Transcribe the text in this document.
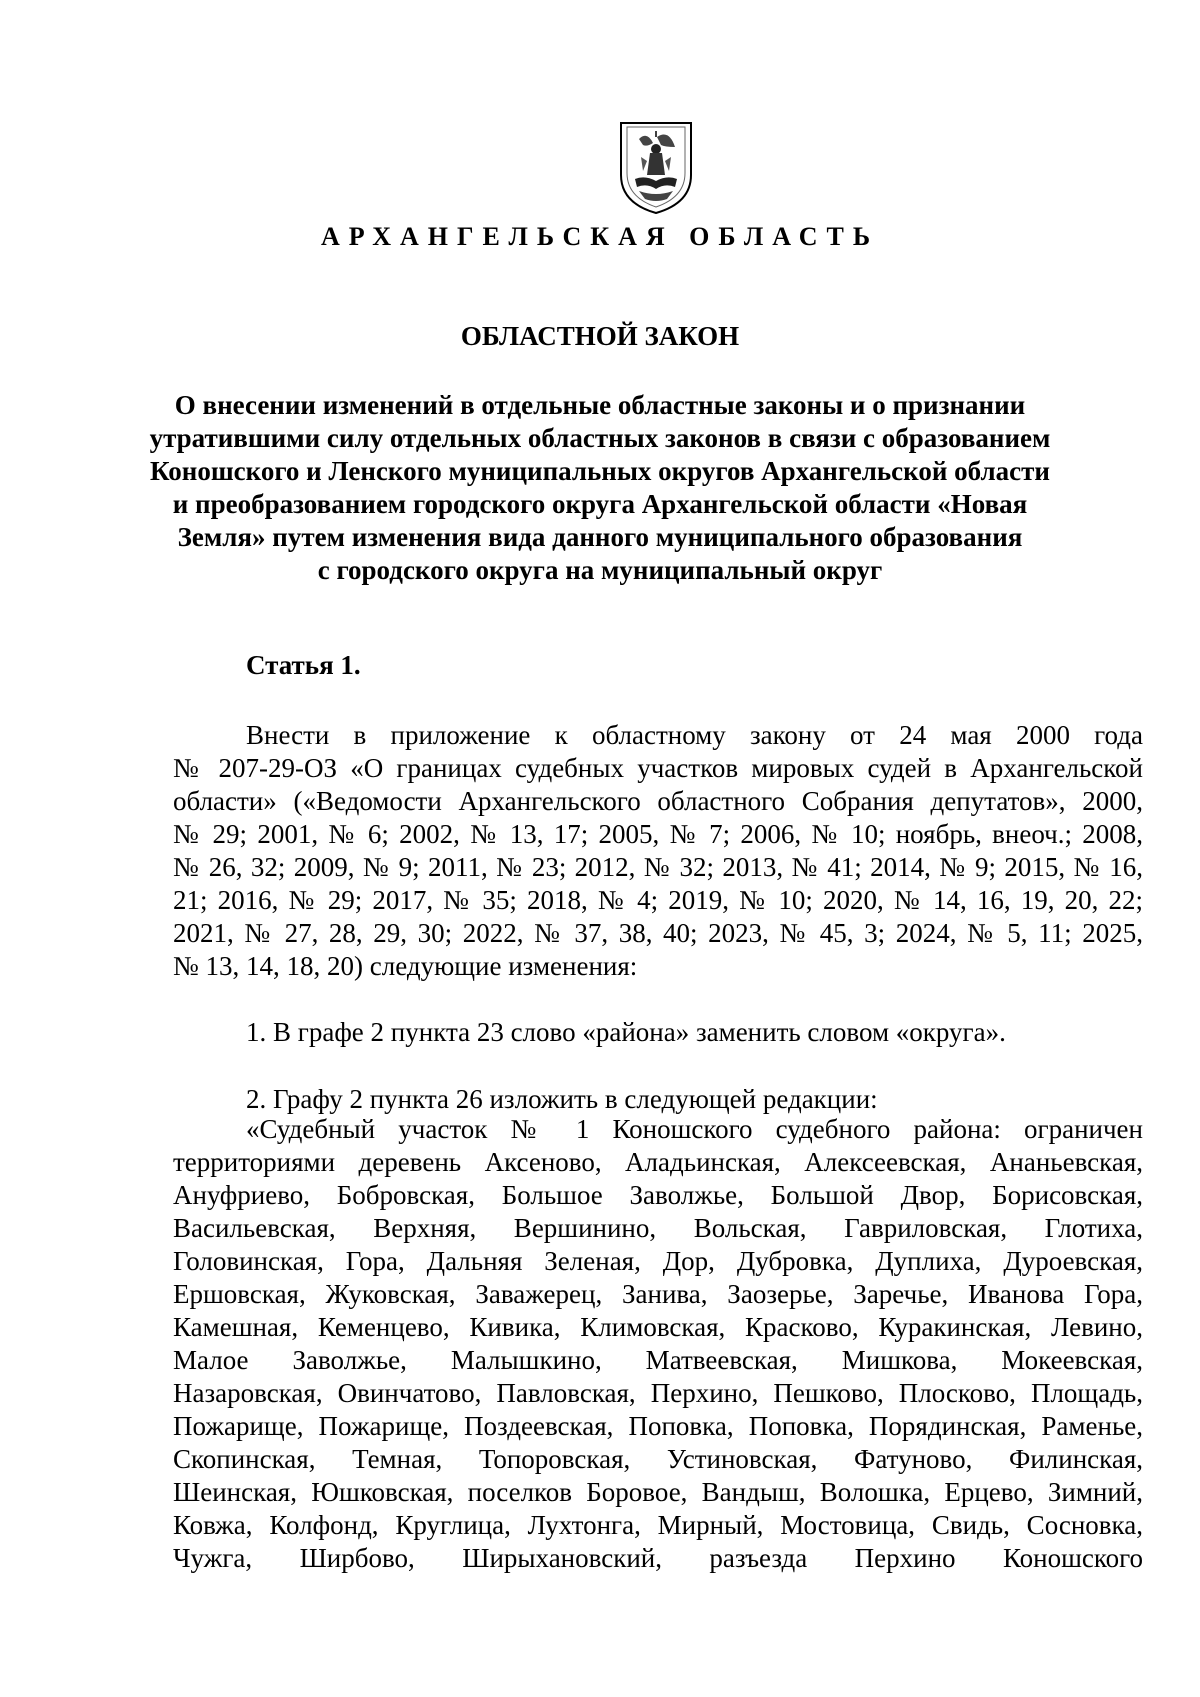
АРХАНГЕЛЬСКАЯ ОБЛАСТЬ
ОБЛАСТНОЙ ЗАКОН
О внесении изменений в отдельные областные законы и о признании
утратившими силу отдельных областных законов в связи с образованием
Коношского и Ленского муниципальных округов Архангельской области
и преобразованием городского округа Архангельской области «Новая
Земля» путем изменения вида данного муниципального образования
с городского округа на муниципальный округ
Статья 1.
Внести в приложение к областному закону от 24 мая 2000 года
№ 207-29-ОЗ «О границах судебных участков мировых судей в Архангельской
области» («Ведомости Архангельского областного Собрания депутатов», 2000,
№ 29; 2001, № 6; 2002, № 13, 17; 2005, № 7; 2006, № 10; ноябрь, внеоч.; 2008,
№ 26, 32; 2009, № 9; 2011, № 23; 2012, № 32; 2013, № 41; 2014, № 9; 2015, № 16,
21; 2016, № 29; 2017, № 35; 2018, № 4; 2019, № 10; 2020, № 14, 16, 19, 20, 22;
2021, № 27, 28, 29, 30; 2022, № 37, 38, 40; 2023, № 45, 3; 2024, № 5, 11; 2025,
№ 13, 14, 18, 20) следующие изменения:
1. В графе 2 пункта 23 слово «района» заменить словом «округа».
2. Графу 2 пункта 26 изложить в следующей редакции:
«Судебный участок № 1 Коношского судебного района: ограничен
территориями деревень Аксеново, Аладьинская, Алексеевская, Ананьевская,
Ануфриево, Бобровская, Большое Заволжье, Большой Двор, Борисовская,
Васильевская, Верхняя, Вершинино, Вольская, Гавриловская, Глотиха,
Головинская, Гора, Дальняя Зеленая, Дор, Дубровка, Дуплиха, Дуроевская,
Ершовская, Жуковская, Заважерец, Занива, Заозерье, Заречье, Иванова Гора,
Камешная, Кеменцево, Кивика, Климовская, Красково, Куракинская, Левино,
Малое Заволжье, Малышкино, Матвеевская, Мишкова, Мокеевская,
Назаровская, Овинчатово, Павловская, Перхино, Пешково, Плосково, Площадь,
Пожарище, Пожарище, Поздеевская, Поповка, Поповка, Порядинская, Раменье,
Скопинская, Темная, Топоровская, Устиновская, Фатуново, Филинская,
Шеинская, Юшковская, поселков Боровое, Вандыш, Волошка, Ерцево, Зимний,
Ковжа, Колфонд, Круглица, Лухтонга, Мирный, Мостовица, Свидь, Сосновка,
Чужга, Ширбово, Ширыхановский, разъезда Перхино Коношского
